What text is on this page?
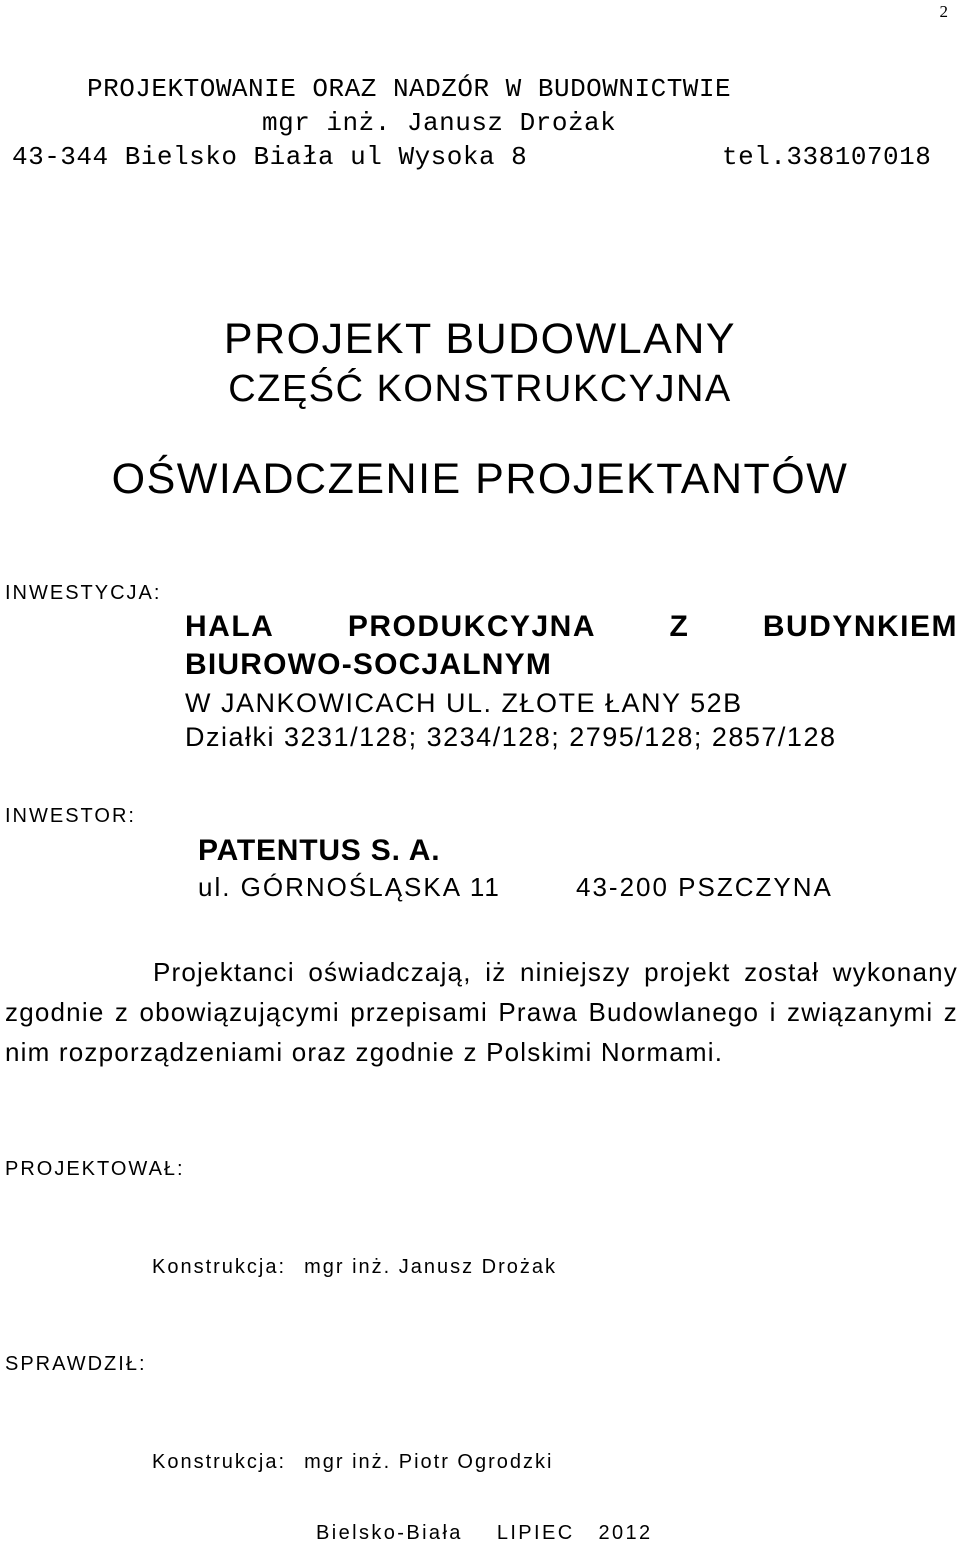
2
PROJEKTOWANIE ORAZ NADZÓR W BUDOWNICTWIE
mgr inż. Janusz Drożak
43-344 Bielsko Biała ul Wysoka 8	tel.338107018
PROJEKT BUDOWLANY
CZĘŚĆ KONSTRUKCYJNA
OŚWIADCZENIE PROJEKTANTÓW
INWESTYCJA:
HALA PRODUKCYJNA Z BUDYNKIEM
BIUROWO-SOCJALNYM
W JANKOWICACH UL. ZŁOTE ŁANY 52B
Działki 3231/128; 3234/128; 2795/128; 2857/128
INWESTOR:
PATENTUS S. A.
ul. GÓRNOŚLĄSKA 11	43-200 PSZCZYNA
Projektanci oświadczają, iż niniejszy projekt został wykonany zgodnie z obowiązującymi przepisami Prawa Budowlanego i związanymi z nim rozporządzeniami oraz zgodnie z Polskimi Normami.
PROJEKTOWAŁ:
Konstrukcja: mgr inż. Janusz Drożak
SPRAWDZIŁ:
Konstrukcja: mgr inż. Piotr Ogrodzki
Bielsko-Biała LIPIEC   2012
